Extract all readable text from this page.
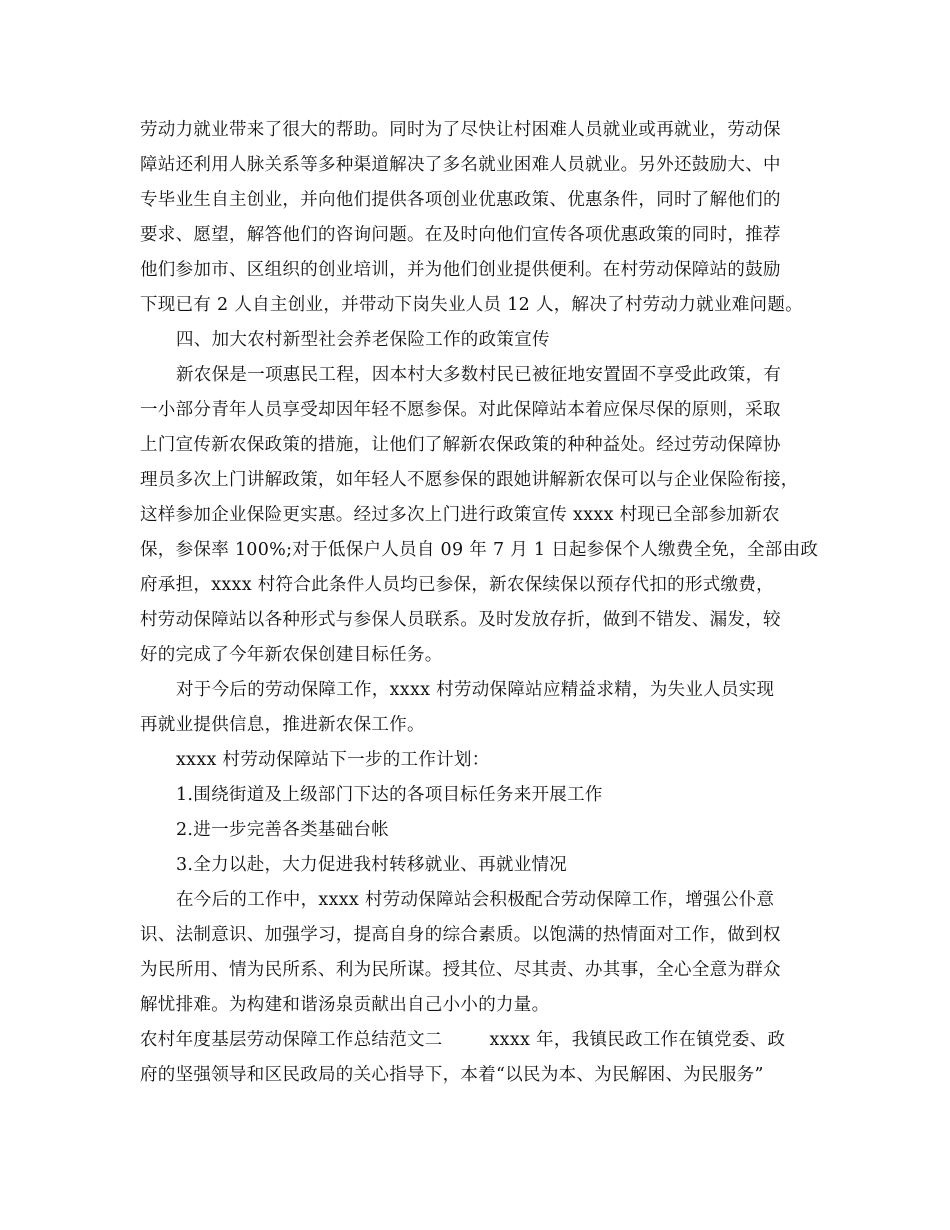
劳动力就业带来了很大的帮助。同时为了尽快让村困难人员就业或再就业，劳动保
障站还利用人脉关系等多种渠道解决了多名就业困难人员就业。另外还鼓励大、中
专毕业生自主创业，并向他们提供各项创业优惠政策、优惠条件，同时了解他们的
要求、愿望，解答他们的咨询问题。在及时向他们宣传各项优惠政策的同时，推荐
他们参加市、区组织的创业培训，并为他们创业提供便利。在村劳动保障站的鼓励
下现已有 2 人自主创业，并带动下岗失业人员 12 人，解决了村劳动力就业难问题。
四、加大农村新型社会养老保险工作的政策宣传
新农保是一项惠民工程，因本村大多数村民已被征地安置固不享受此政策，有
一小部分青年人员享受却因年轻不愿参保。对此保障站本着应保尽保的原则，采取
上门宣传新农保政策的措施，让他们了解新农保政策的种种益处。经过劳动保障协
理员多次上门讲解政策，如年轻人不愿参保的跟她讲解新农保可以与企业保险衔接，
这样参加企业保险更实惠。经过多次上门进行政策宣传 xxxx 村现已全部参加新农
保，参保率 100%;对于低保户人员自 09 年 7 月 1 日起参保个人缴费全免，全部由政
府承担，xxxx 村符合此条件人员均已参保，新农保续保以预存代扣的形式缴费，
村劳动保障站以各种形式与参保人员联系。及时发放存折，做到不错发、漏发，较
好的完成了今年新农保创建目标任务。
对于今后的劳动保障工作，xxxx 村劳动保障站应精益求精，为失业人员实现
再就业提供信息，推进新农保工作。
xxxx 村劳动保障站下一步的工作计划：
1.围绕街道及上级部门下达的各项目标任务来开展工作
2.进一步完善各类基础台帐
3.全力以赴，大力促进我村转移就业、再就业情况
在今后的工作中，xxxx 村劳动保障站会积极配合劳动保障工作，增强公仆意
识、法制意识、加强学习，提高自身的综合素质。以饱满的热情面对工作，做到权
为民所用、情为民所系、利为民所谋。授其位、尽其责、办其事，全心全意为群众
解忧排难。为构建和谐汤泉贡献出自己小小的力量。
农村年度基层劳动保障工作总结范文二        xxxx 年，我镇民政工作在镇党委、政
府的坚强领导和区民政局的关心指导下，本着“以民为本、为民解困、为民服务”
